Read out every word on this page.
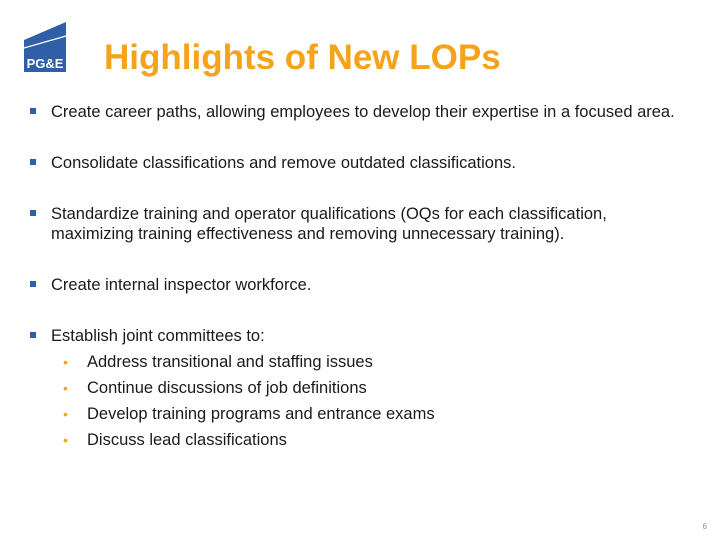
PG&E Highlights of New LOPs
Create career paths, allowing employees to develop their expertise in a focused area.
Consolidate classifications and remove outdated classifications.
Standardize training and operator qualifications (OQs for each classification, maximizing training effectiveness and removing unnecessary training).
Create internal inspector workforce.
Establish joint committees to:
• Address transitional and staffing issues
• Continue discussions of job definitions
• Develop training programs and entrance exams
• Discuss lead classifications
6
